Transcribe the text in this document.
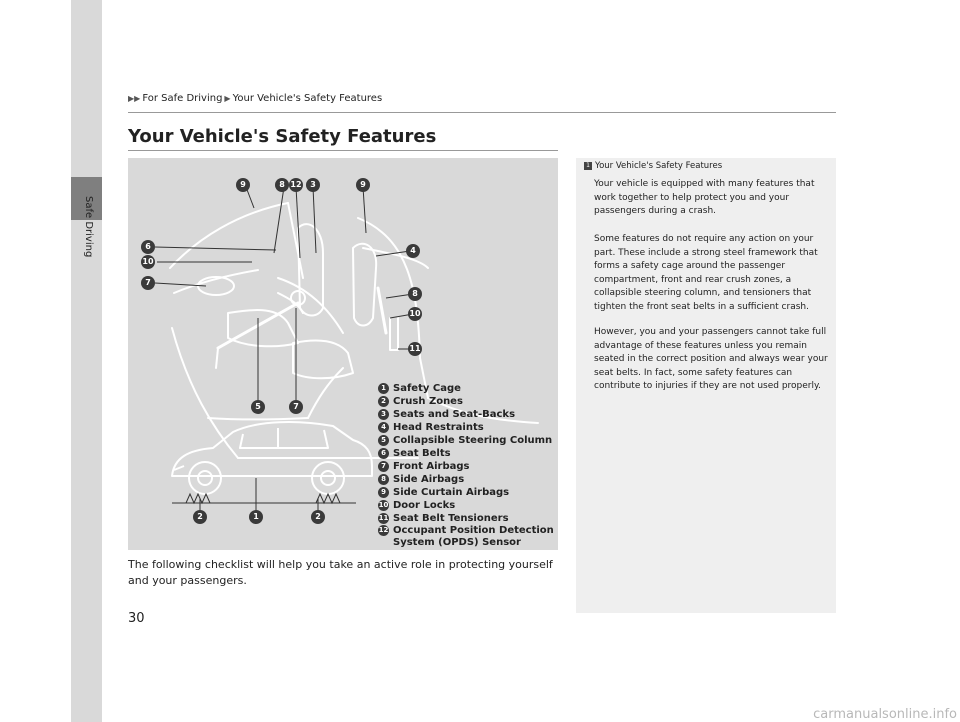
Safe Driving
▶▶ For Safe Driving ▶ Your Vehicle's Safety Features
Your Vehicle's Safety Features
9	8 12	3	9
6
10
7
4
8
10
11
5	7
2	1	2
1 Safety Cage
2 Crush Zones
3 Seats and Seat-Backs
4 Head Restraints
5 Collapsible Steering Column
6 Seat Belts
7 Front Airbags
8 Side Airbags
9 Side Curtain Airbags
10 Door Locks
11 Seat Belt Tensioners
12 Occupant Position Detection
System (OPDS) Sensor
The following checklist will help you take an active role in protecting yourself and your passengers.
1 Your Vehicle's Safety Features
Your vehicle is equipped with many features that work together to help protect you and your passengers during a crash.
Some features do not require any action on your part. These include a strong steel framework that forms a safety cage around the passenger compartment, front and rear crush zones, a collapsible steering column, and tensioners that tighten the front seat belts in a sufficient crash.
However, you and your passengers cannot take full advantage of these features unless you remain seated in the correct position and always wear your seat belts. In fact, some safety features can contribute to injuries if they are not used properly.
30
carmanualsonline.info
